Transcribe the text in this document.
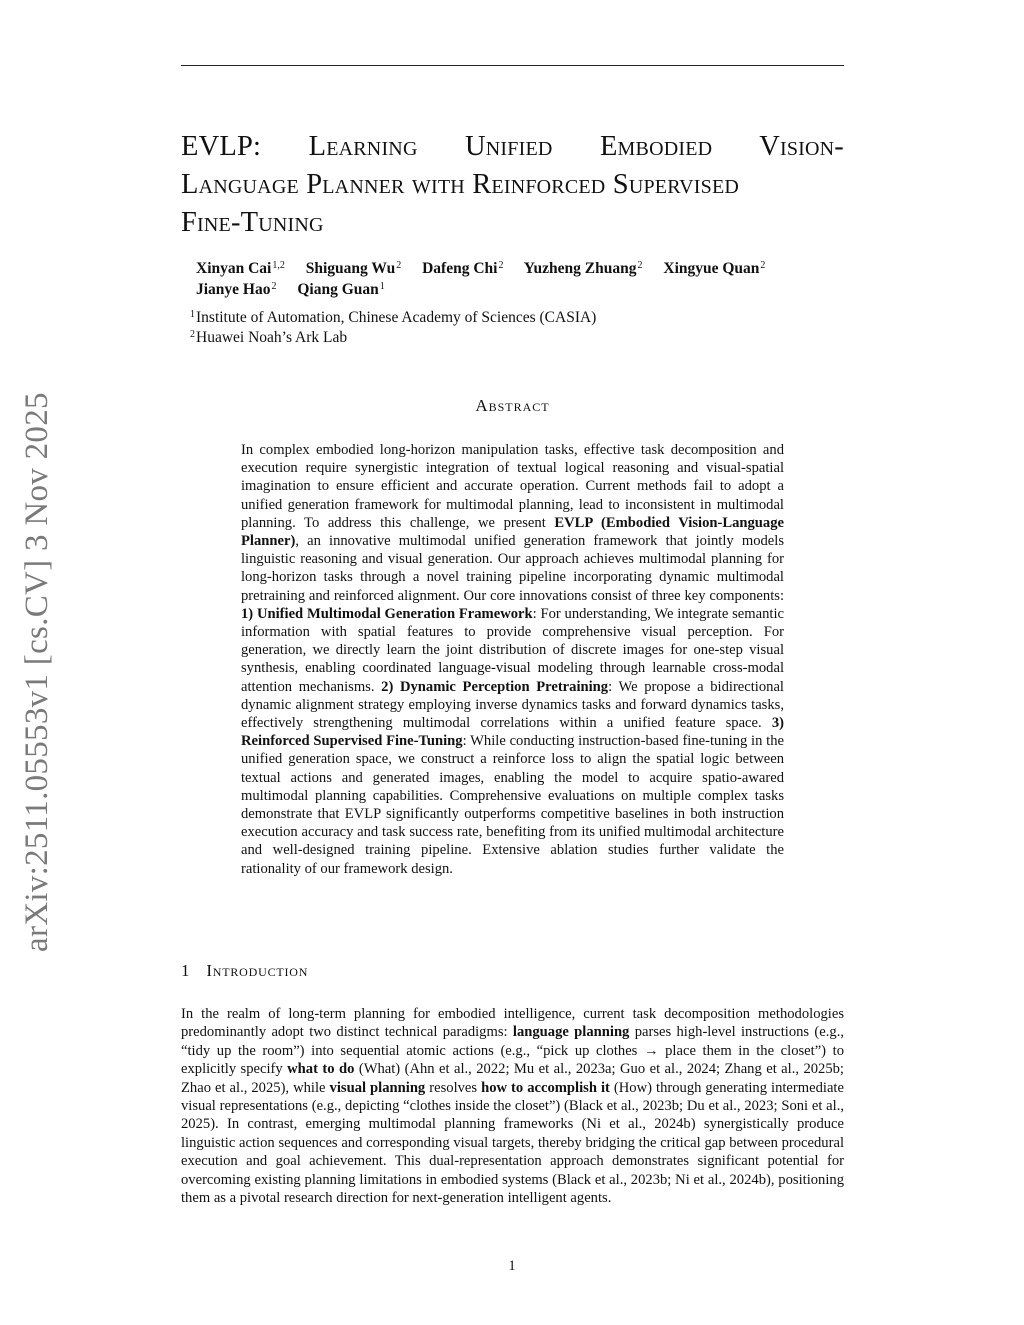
arXiv:2511.05553v1 [cs.CV] 3 Nov 2025
EVLP: Learning Unified Embodied Vision-
Language Planner with Reinforced Supervised
Fine-Tuning
Xinyan Cai$^{1,2}$ Shiguang Wu$^2$ Dafeng Chi$^2$ Yuzheng Zhuang$^2$ Xingyue Quan$^2$
Jianye Hao$^2$ Qiang Guan$^1$
$^1$Institute of Automation, Chinese Academy of Sciences (CASIA)
$^2$Huawei Noah’s Ark Lab
Abstract

In complex embodied long-horizon manipulation tasks, effective task decomposition and execution require synergistic integration of textual logical reasoning and visual-spatial imagination to ensure efficient and accurate operation. Current methods fail to adopt a unified generation framework for multimodal planning, lead to inconsistent in multimodal planning. To address this challenge, we present EVLP (Embodied Vision-Language Planner), an innovative multimodal unified generation framework that jointly models linguistic reasoning and visual generation. Our approach achieves multimodal planning for long-horizon tasks through a novel training pipeline incorporating dynamic multimodal pretraining and reinforced alignment. Our core innovations consist of three key components: 1) Unified Multimodal Generation Framework: For understanding, We integrate semantic information with spatial features to provide comprehensive visual perception. For generation, we directly learn the joint distribution of discrete images for one-step visual synthesis, enabling coordinated language-visual modeling through learnable cross-modal attention mechanisms. 2) Dynamic Perception Pretraining: We propose a bidirectional dynamic alignment strategy employing inverse dynamics tasks and forward dynamics tasks, effectively strengthening multimodal correlations within a unified feature space. 3) Reinforced Supervised Fine-Tuning: While conducting instruction-based fine-tuning in the unified generation space, we construct a reinforce loss to align the spatial logic between textual actions and generated images, enabling the model to acquire spatio-awared multimodal planning capabilities. Comprehensive evaluations on multiple complex tasks demonstrate that EVLP significantly outperforms competitive baselines in both instruction execution accuracy and task success rate, benefiting from its unified multimodal architecture and well-designed training pipeline. Extensive ablation studies further validate the rationality of our framework design.

1 Introduction

In the realm of long-term planning for embodied intelligence, current task decomposition methodologies predominantly adopt two distinct technical paradigms: language planning parses high-level instructions (e.g., “tidy up the room”) into sequential atomic actions (e.g., “pick up clothes → place them in the closet”) to explicitly specify what to do (What) (Ahn et al., 2022; Mu et al., 2023a; Guo et al., 2024; Zhang et al., 2025b; Zhao et al., 2025), while visual planning resolves how to accomplish it (How) through generating intermediate visual representations (e.g., depicting “clothes inside the closet”) (Black et al., 2023b; Du et al., 2023; Soni et al., 2025). In contrast, emerging multimodal planning frameworks (Ni et al., 2024b) synergistically produce linguistic action sequences and corresponding visual targets, thereby bridging the critical gap between procedural execution and goal achievement. This dual-representation approach demonstrates significant potential for overcoming existing planning limitations in embodied systems (Black et al., 2023b; Ni et al., 2024b), positioning them as a pivotal research direction for next-generation intelligent agents.

1
